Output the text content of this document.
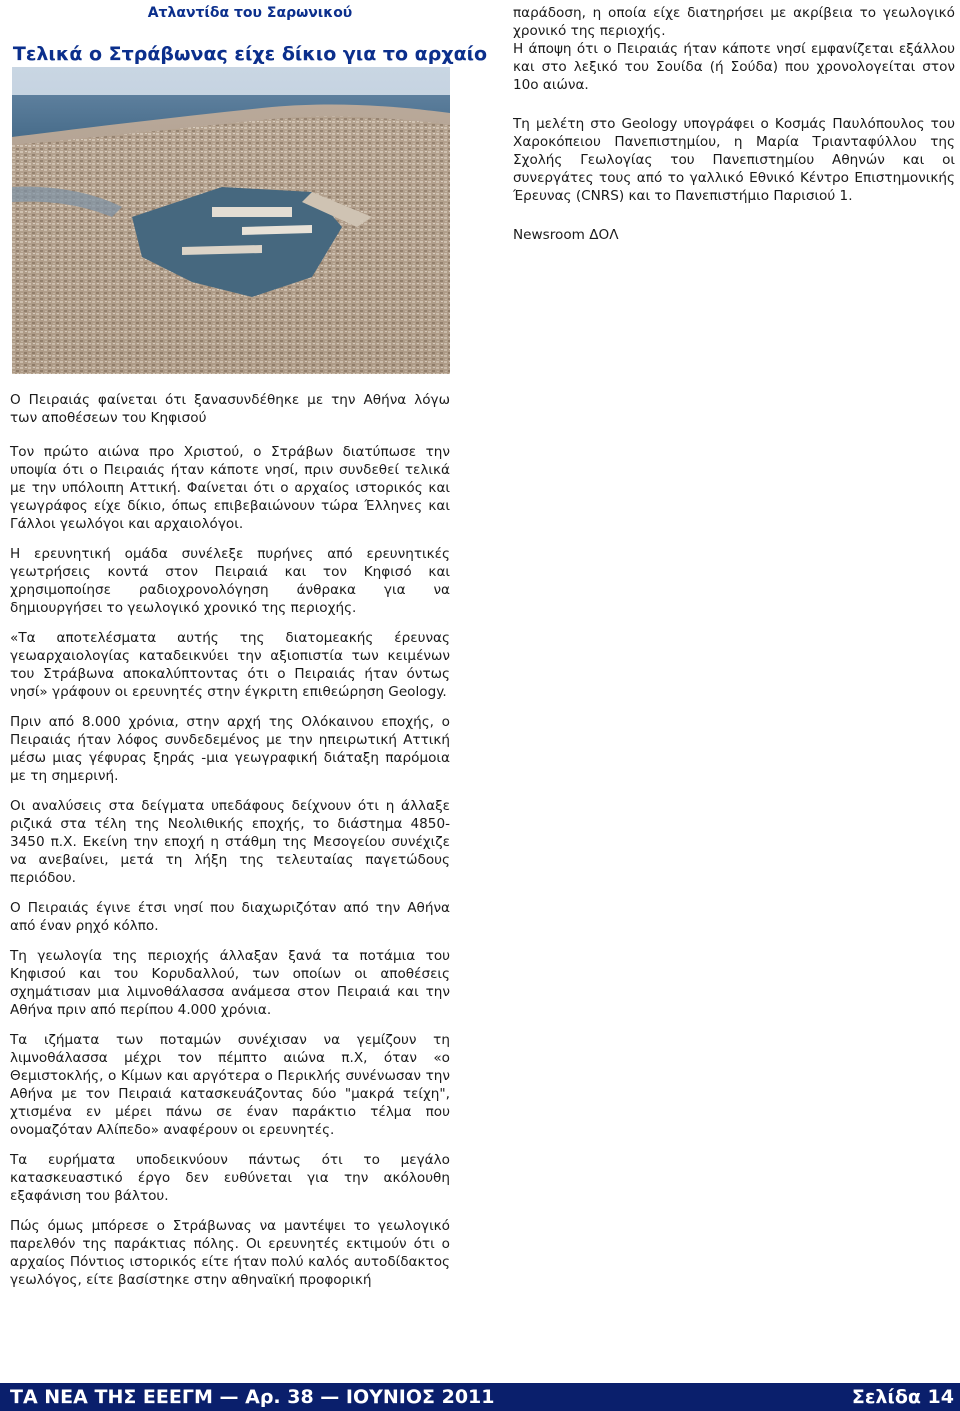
Ατλαντίδα του Σαρωνικού

Τελικά ο Στράβωνας είχε δίκιο για το αρχαίο

Ο Πειραιάς φαίνεται ότι ξανασυνδέθηκε με την Αθήνα λόγω των αποθέσεων του Κηφισού

Τον πρώτο αιώνα προ Χριστού, ο Στράβων διατύπωσε την υποψία ότι ο Πειραιάς ήταν κάποτε νησί, πριν συνδεθεί τελικά με την υπόλοιπη Αττική. Φαίνεται ότι ο αρχαίος ιστορικός και γεωγράφος είχε δίκιο, όπως επιβεβαιώνουν τώρα Έλληνες και Γάλλοι γεωλόγοι και αρχαιολόγοι.

Η ερευνητική ομάδα συνέλεξε πυρήνες από ερευνητικές γεωτρήσεις κοντά στον Πειραιά και τον Κηφισό και χρησιμοποίησε ραδιοχρονολόγηση άνθρακα για να δημιουργήσει το γεωλογικό χρονικό της περιοχής.

«Τα αποτελέσματα αυτής της διατομεακής έρευνας γεωαρχαιολογίας καταδεικνύει την αξιοπιστία των κειμένων του Στράβωνα αποκαλύπτοντας ότι ο Πειραιάς ήταν όντως νησί» γράφουν οι ερευνητές στην έγκριτη επιθεώρηση Geology.

Πριν από 8.000 χρόνια, στην αρχή της Ολόκαινου εποχής, ο Πειραιάς ήταν λόφος συνδεδεμένος με την ηπειρωτική Αττική μέσω μιας γέφυρας ξηράς -μια γεωγραφική διάταξη παρόμοια με τη σημερινή.

Οι αναλύσεις στα δείγματα υπεδάφους δείχνουν ότι η άλλαξε ριζικά στα τέλη της Νεολιθικής εποχής, το διάστημα 4850-3450 π.Χ. Εκείνη την εποχή η στάθμη της Μεσογείου συνέχιζε να ανεβαίνει, μετά τη λήξη της τελευταίας παγετώδους περιόδου.

Ο Πειραιάς έγινε έτσι νησί που διαχωριζόταν από την Αθήνα από έναν ρηχό κόλπο.

Τη γεωλογία της περιοχής άλλαξαν ξανά τα ποτάμια του Κηφισού και του Κορυδαλλού, των οποίων οι αποθέσεις σχημάτισαν μια λιμνοθάλασσα ανάμεσα στον Πειραιά και την Αθήνα πριν από περίπου 4.000 χρόνια.

Τα ιζήματα των ποταμών συνέχισαν να γεμίζουν τη λιμνοθάλασσα μέχρι τον πέμπτο αιώνα π.Χ, όταν «ο Θεμιστοκλής, ο Κίμων και αργότερα ο Περικλής συνένωσαν την Αθήνα με τον Πειραιά κατασκευάζοντας δύο "μακρά τείχη", χτισμένα εν μέρει πάνω σε έναν παράκτιο τέλμα που ονομαζόταν Αλίπεδο» αναφέρουν οι ερευνητές.

Τα ευρήματα υποδεικνύουν πάντως ότι το μεγάλο κατασκευαστικό έργο δεν ευθύνεται για την ακόλουθη εξαφάνιση του βάλτου.

Πώς όμως μπόρεσε ο Στράβωνας να μαντέψει το γεωλογικό παρελθόν της παράκτιας πόλης. Οι ερευνητές εκτιμούν ότι ο αρχαίος Πόντιος ιστορικός είτε ήταν πολύ καλός αυτοδίδακτος γεωλόγος, είτε βασίστηκε στην αθηναϊκή προφορική

παράδοση, η οποία είχε διατηρήσει με ακρίβεια το γεωλογικό χρονικό της περιοχής.
Η άποψη ότι ο Πειραιάς ήταν κάποτε νησί εμφανίζεται εξάλλου και στο λεξικό του Σουίδα (ή Σούδα) που χρονολογείται στον 10ο αιώνα.

Τη μελέτη στο Geology υπογράφει ο Κοσμάς Παυλόπουλος του Χαροκόπειου Πανεπιστημίου, η Μαρία Τριανταφύλλου της Σχολής Γεωλογίας του Πανεπιστημίου Αθηνών και οι συνεργάτες τους από το γαλλικό Εθνικό Κέντρο Επιστημονικής Έρευνας (CNRS) και το Πανεπιστήμιο Παρισιού 1.

Newsroom ΔΟΛ

ΤΑ ΝΕΑ ΤΗΣ ΕΕΕΓΜ — Αρ. 38 — ΙΟΥΝΙΟΣ 2011	Σελίδα 14
